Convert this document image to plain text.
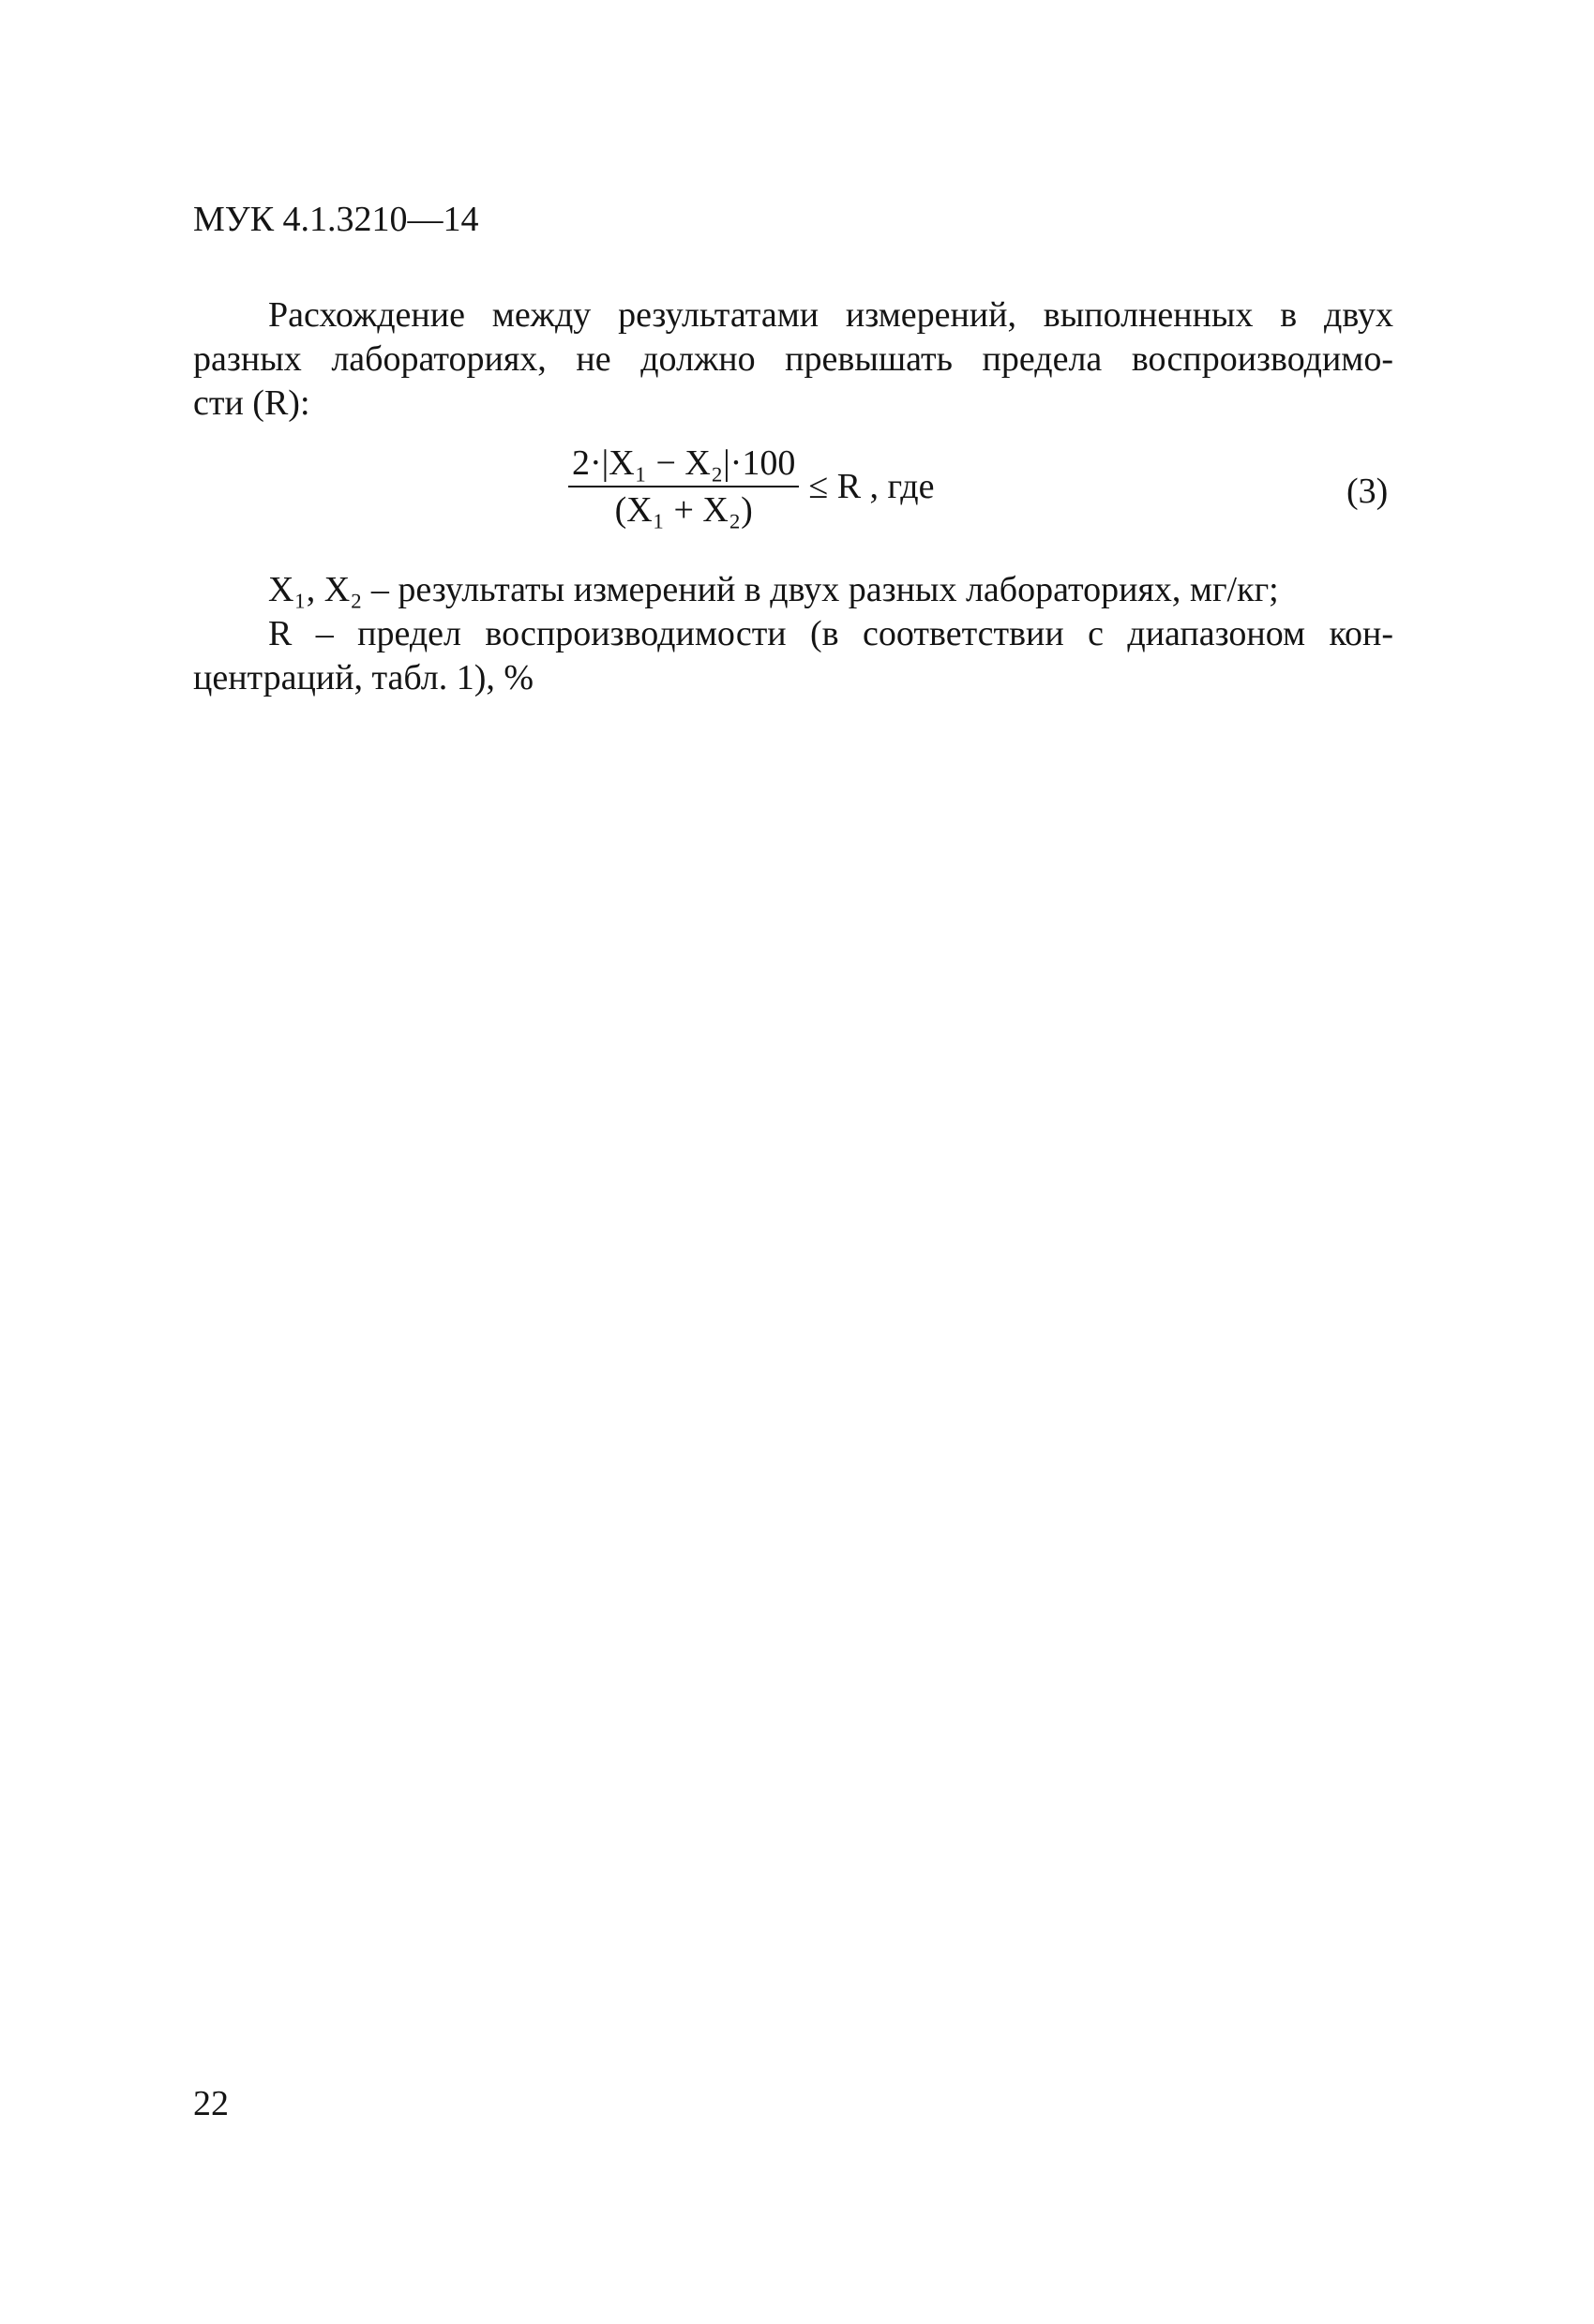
МУК 4.1.3210—14
Расхождение между результатами измерений, выполненных в двух
разных лабораториях, не должно превышать предела воспроизводимо-
сти (R):
$\frac{\text{2·|X₁ − X₂|·100}}{\text{(X₁ + X₂)}} \le R$ , где	(3)
X₁, X₂ – результаты измерений в двух разных лабораториях, мг/кг;
R – предел воспроизводимости (в соответствии с диапазоном кон-
центраций, табл. 1), %
22
